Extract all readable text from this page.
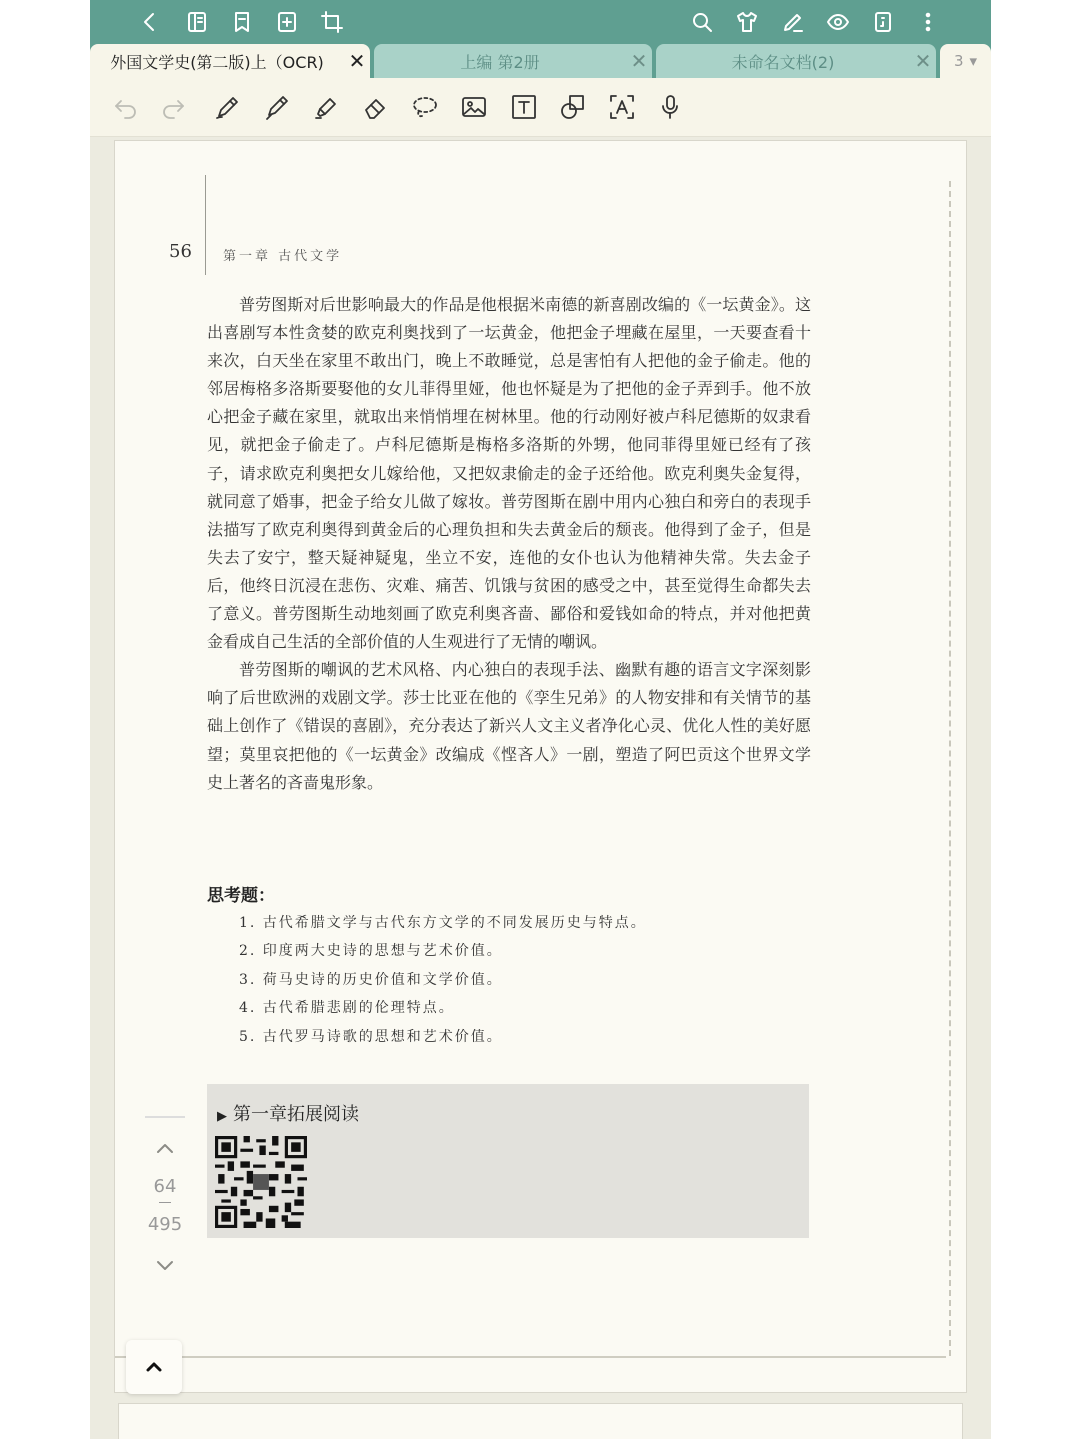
外国文学史(第二版)上（OCR)	✕	上编 第2册	✕	未命名文档(2)	✕	3 ▾
56 第一章 古代文学

普劳图斯对后世影响最大的作品是他根据米南德的新喜剧改编的《一坛黄金》。这出喜剧写本性贪婪的欧克利奥找到了一坛黄金，他把金子埋藏在屋里，一天要查看十来次，白天坐在家里不敢出门，晚上不敢睡觉，总是害怕有人把他的金子偷走。他的邻居梅格多洛斯要娶他的女儿菲得里娅，他也怀疑是为了把他的金子弄到手。他不放心把金子藏在家里，就取出来悄悄埋在树林里。他的行动刚好被卢科尼德斯的奴隶看见，就把金子偷走了。卢科尼德斯是梅格多洛斯的外甥，他同菲得里娅已经有了孩子，请求欧克利奥把女儿嫁给他，又把奴隶偷走的金子还给他。欧克利奥失金复得，就同意了婚事，把金子给女儿做了嫁妆。普劳图斯在剧中用内心独白和旁白的表现手法描写了欧克利奥得到黄金后的心理负担和失去黄金后的颓丧。他得到了金子，但是失去了安宁，整天疑神疑鬼，坐立不安，连他的女仆也认为他精神失常。失去金子后，他终日沉浸在悲伤、灾难、痛苦、饥饿与贫困的感受之中，甚至觉得生命都失去了意义。普劳图斯生动地刻画了欧克利奥吝啬、鄙俗和爱钱如命的特点，并对他把黄金看成自己生活的全部价值的人生观进行了无情的嘲讽。

普劳图斯的嘲讽的艺术风格、内心独白的表现手法、幽默有趣的语言文字深刻影响了后世欧洲的戏剧文学。莎士比亚在他的《孪生兄弟》的人物安排和有关情节的基础上创作了《错误的喜剧》，充分表达了新兴人文主义者净化心灵、优化人性的美好愿望；莫里哀把他的《一坛黄金》改编成《悭吝人》一剧，塑造了阿巴贡这个世界文学史上著名的吝啬鬼形象。

思考题：
1. 古代希腊文学与古代东方文学的不同发展历史与特点。
2. 印度两大史诗的思想与艺术价值。
3. 荷马史诗的历史价值和文学价值。
4. 古代希腊悲剧的伦理特点。
5. 古代罗马诗歌的思想和艺术价值。
▶ 第一章拓展阅读
64
495
